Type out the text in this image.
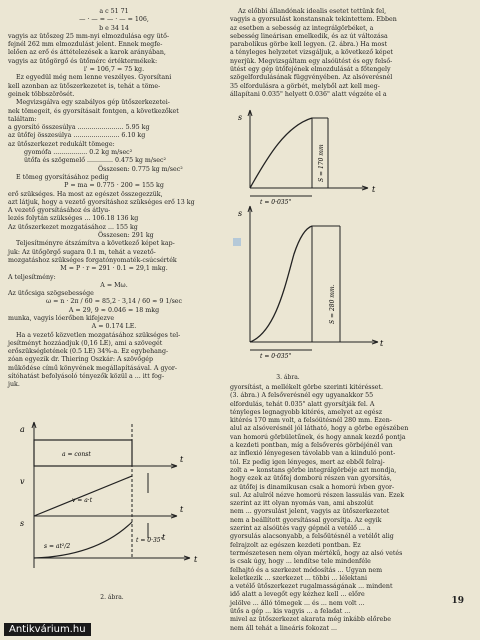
a c 51 71
— · — = — · — = 106,
b e 34 14
vagyis az ütőszeg 25 mm-nyi elmozdulása egy ütő-
fejnél 262 mm elmozdulást jelent. Ennek megfe-
lelően az erő és áttételezések a karok arányában,
vagyis az ütőgörgő és ütőmérc értéktermékek:
i' = 106,7 = 75 kg.
Ez egyedül még nem lenne veszélyes. Gyorsítani
kell azonban az ütőszerkezetet is, tehát a töme-
geinek többszörösét.
Megvizsgálva egy szabályos gép ütőszerkezetei-
nek tömegeit, és gyorsításait fontgen, a következőket
találtam:
a gyorsító összesúlya ....................... 5.95 kg
az ütőfej összesúlya ....................... 6.10 kg
az ütőszerkezet redukált tömege:
gyomófa ................. 0.2 kg m/sec²
ütőfa és szögemelő ............. 0.475 kg m/sec²
Összesen: 0.775 kg m/sec²
E tömeg gyorsításához pedig
P = ma = 0.775 · 200 = 155 kg
erő szükséges. Ha most az egészet összegezzük,
azt látjuk, hogy a vezető gyorsításhoz szükséges erő 13 kg
A vezető gyorsításához és átlyu-
lezés folytán szükséges ... 106.18 136 kg
Az ütőszerkezet mozgatásához ... 155 kg
Összesen: 291 kg
Teljesítményre átszámítva a következő képet kap-
juk: Az ütőgörgő sugara 0.1 m, tehát a vezető-
mozgatáshoz szükséges forgatónyomaték-csúcsérték
M = P · r = 291 · 0.1 = 29,1 mkg.
A teljesítmény:
A = Mω.
Az ütőcsiga szögsebessége
ω = n · 2π / 60 = 85,2 · 3,14 / 60 ≈ 9 1/sec
A = 29, 9 ≈ 0.046 = 18 mkg
munka, vagyis lóerőben kifejezve
A = 0.174 LE.
Ha a vezető közvetlen mozgatásához szükséges tel-
jesítményt hozzáadjuk (0,16 LE), ami a szövegét
erőszükségletének (0.5 LE) 34%-a. Ez egybehang-
zóan egyezik dr. Thiering Oszkár: A szövőgép
működése című könyvének megállapításával. A gyor-
sítóhatást befolyásoló tényezők közül a ... itt fog-
juk.
a
v
s
t
t
t
t
a = const
v = a·t
s = at²/2
t = 0·35"
2. ábra.
Az előbbi állandónak idealis esetet tettünk fel,
vagyis a gyorsulást konstansnak tekintettem. Ebben
az esetben a sebesség az integrálgörbéket, a
sebesség lineárisan emelkedik, és az út változása
parabolikus görbe kell legyen. (2. ábra.) Ha most
a tényleges helyzetet vizsgáljuk, a következő képet
nyerjük. Megvizsgáltam egy alsóütést és egy felső-
ütést egy gép ütőfejének elmozdulását a főtengely
szögelfordulásának függvényében. Az alsóverésnél
35 elfordulásra a görbét, melyből azt kell meg-
állapítani 0.035" helyett 0.036" alatt végzéte el a
s
t
s
t
t = 0·035"
t = 0·035"
S = 170 mm
S = 280 mm.
3. ábra.
gyorsítást, a mellékelt görbe szerinti kitérésset.
(3. ábra.) A felsőverésnél egy ugyanakkor 55
elfordulás, tehát 0.035" alatt gyorsítják fel. A
tényleges legnagyobb kitérés, amelyet az egész
kitérés 170 mm volt, a felsóütésnél 280 mm. Ezen-
alul az alsóverésnél jól látható, hogy a görbe egészében
van homorú görbületűnek, és hogy annak kezdő pontja
a kezdeti pontban, míg a felsőverés görbéjénél van
az inflexió lényegesen távolabb van a kiinduló pont-
tól. Ez pedig igen lényeges, mert az ebből felraj-
zolt a = konstans görbe integrálgörbéje azt mondja,
hogy ezek az ütőfej domború részen van gyorsítás,
az ütőfej is dinamikusan csak a homorú ívben gyor-
sul. Az alulról nézve homorú részen lassulás van. Ezek
szerint az itt olyan nyomás van, ami abszolút
nem ... gyorsulást jelent, vagyis az ütőszerkezetet
nem a beállított gyorsítással gyorsítja. Az egyik
szerint az alsóütés vagy gépnél a vetélő ... a
gyorsulás alacsonyabb, a felsőütésnél a vetélőt alig
felrajzolt az egészen kezdeti pontban. Ez
természetesen nem olyan mértékű, hogy az alsó vetés
is csak úgy, hogy ... lendítse tele mindenféle
felhajtó és a szerkezet módosítás ... Ugyan nem
keletkezik ... szerkezet ... többi ... lélektani
a vetélő ütőszerkezet rugalmasságának ... mindent
idő alatt a levegőt egy kézhez kell ... előre
jelölve ... álló tömegek ... és ... nem volt ...
ütős a gép ... kis vagyis ... a feladat ...
mivel az ütőszerkezet akarata még inkább előrebe
nem áll tehát a lineáris fokozat ...
19
Antikvárium.hu
